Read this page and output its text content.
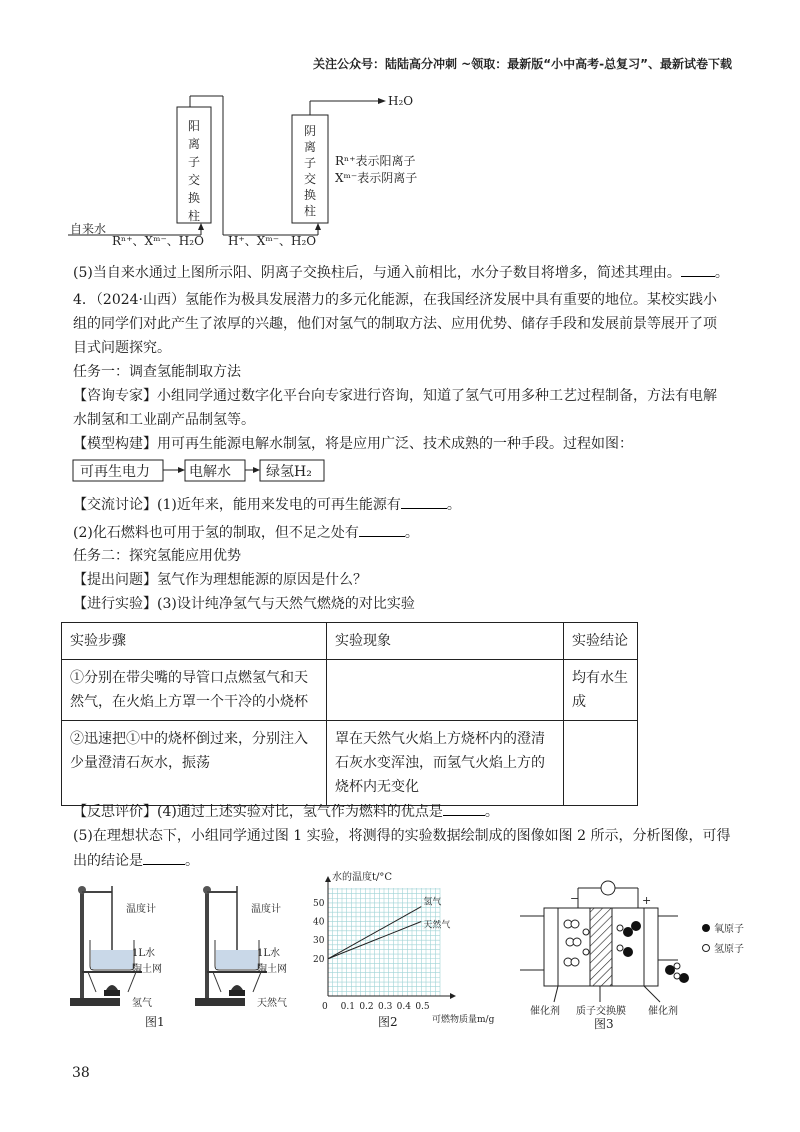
关注公众号：陆陆高分冲刺 ~领取：最新版“小中高考-总复习”、最新试卷下载
阳
离
子
交
换
柱
阴
离
子
交
换
柱
自来水
Rⁿ⁺、Xᵐ⁻、H₂O H⁺、Xᵐ⁻、H₂O
H₂O
Rⁿ⁺表示阳离子
Xᵐ⁻表示阴离子
(5)当自来水通过上图所示阳、阴离子交换柱后，与通入前相比，水分子数目将增多，简述其理由。 。
4．（2024·山西）氢能作为极具发展潜力的多元化能源，在我国经济发展中具有重要的地位。某校实践小
组的同学们对此产生了浓厚的兴趣，他们对氢气的制取方法、应用优势、储存手段和发展前景等展开了项
目式问题探究。
任务一：调查氢能制取方法
【咨询专家】小组同学通过数字化平台向专家进行咨询，知道了氢气可用多种工艺过程制备，方法有电解
水制氢和工业副产品制氢等。
【模型构建】用可再生能源电解水制氢，将是应用广泛、技术成熟的一种手段。过程如图：
可再生电力	电解水	绿氢H₂
【交流讨论】(1)近年来，能用来发电的可再生能源有	。
(2)化石燃料也可用于氢的制取，但不足之处有	。
任务二：探究氢能应用优势
【提出问题】氢气作为理想能源的原因是什么？
【进行实验】(3)设计纯净氢气与天然气燃烧的对比实验
实验步骤	实验现象	实验结论
①分别在带尖嘴的导管口点燃氢气和天
然气，在火焰上方罩一个干冷的小烧杯		均有水生
成
②迅速把①中的烧杯倒过来，分别注入
少量澄清石灰水，振荡	罩在天然气火焰上方烧杯内的澄清
石灰水变浑浊，而氢气火焰上方的
烧杯内无变化	
【反思评价】(4)通过上述实验对比，氢气作为燃料的优点是	。
(5)在理想状态下，小组同学通过图 1 实验，将测得的实验数据绘制成的图像如图 2 所示，分析图像，可得
出的结论是	。
温度计
1L水
陶土网
氢气
温度计
1L水
陶土网
天然气
图1
0 0.1 0.2 0.3 0.4 0.5
20
30
40
50
水的温度t/°C
可燃物质量m/g
氢气
天然气
图2
氧原子
氢原子
−	+
催化剂 质子交换膜 催化剂
图3
38
